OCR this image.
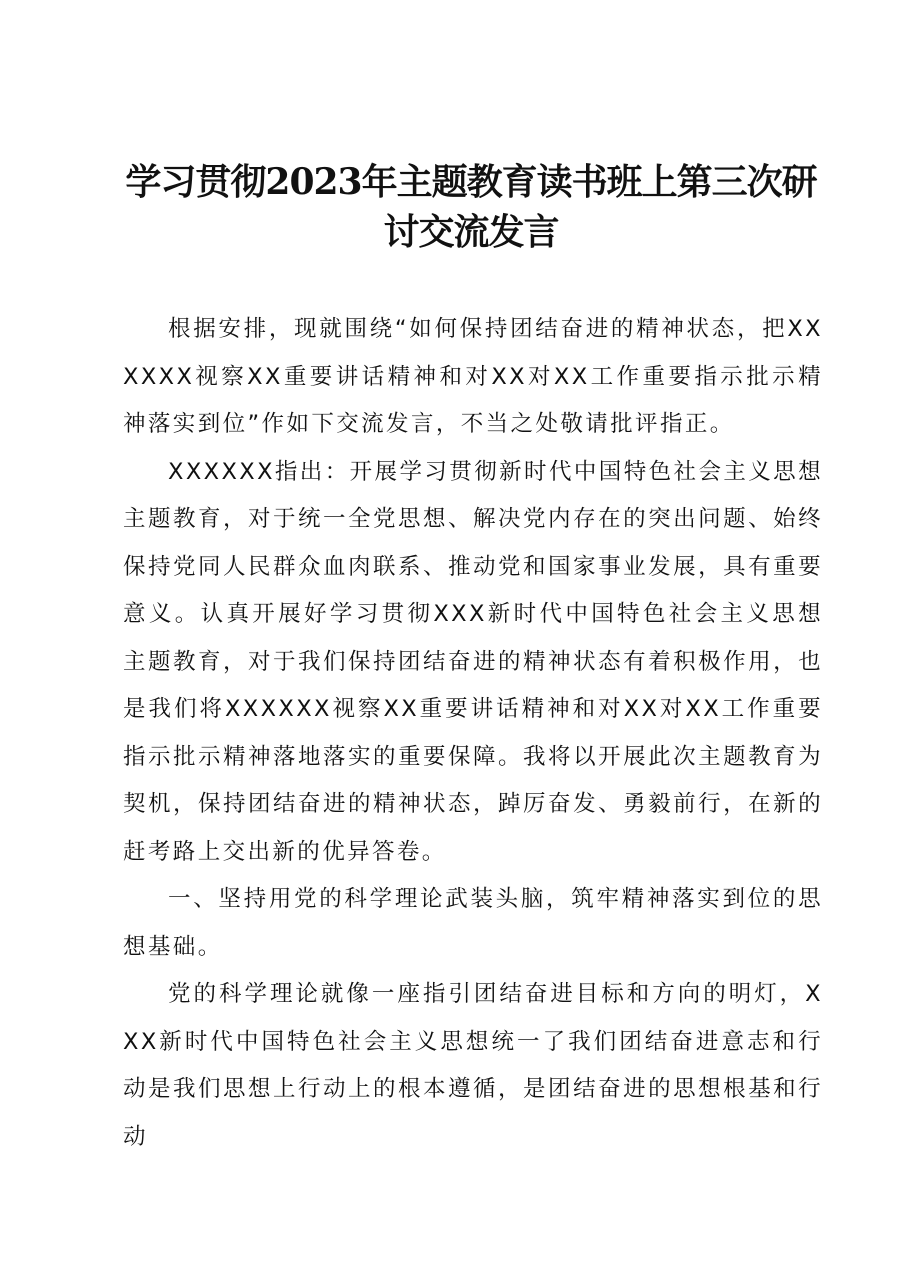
学习贯彻2023年主题教育读书班上第三次研讨交流发言

根据安排，现就围绕“如何保持团结奋进的精神状态，把XXXXXX视察XX重要讲话精神和对XX对XX工作重要指示批示精神落实到位”作如下交流发言，不当之处敬请批评指正。

XXXXXX指出：开展学习贯彻新时代中国特色社会主义思想主题教育，对于统一全党思想、解决党内存在的突出问题、始终保持党同人民群众血肉联系、推动党和国家事业发展，具有重要意义。认真开展好学习贯彻XXX新时代中国特色社会主义思想主题教育，对于我们保持团结奋进的精神状态有着积极作用，也是我们将XXXXXX视察XX重要讲话精神和对XX对XX工作重要指示批示精神落地落实的重要保障。我将以开展此次主题教育为契机，保持团结奋进的精神状态，踔厉奋发、勇毅前行，在新的赶考路上交出新的优异答卷。

一、坚持用党的科学理论武装头脑，筑牢精神落实到位的思想基础。

党的科学理论就像一座指引团结奋进目标和方向的明灯，XXX新时代中国特色社会主义思想统一了我们团结奋进意志和行动是我们思想上行动上的根本遵循，是团结奋进的思想根基和行动
